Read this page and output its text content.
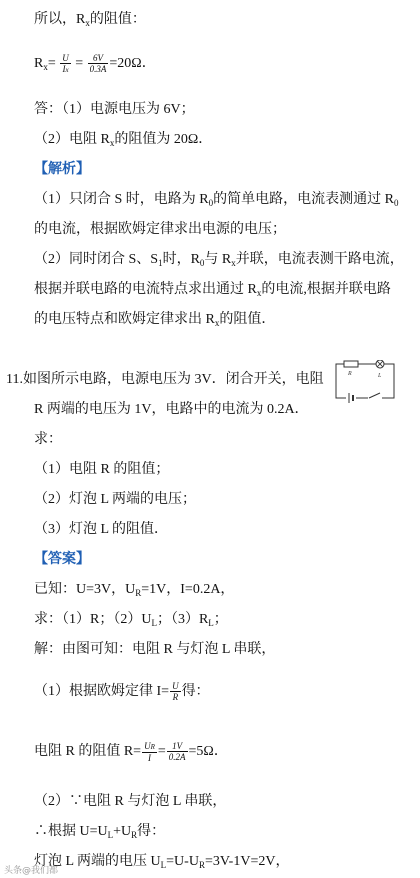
所以，$R_x$的阻值：
$R_x= \frac{U}{Ix} = \frac{6V}{0.3A} =20\Omega$．
答：（1）电源电压为 6V；
（2）电阻 $R_x$的阻值为 20Ω．
【解析】
（1）只闭合 S 时，电路为 $R_0$的简单电路，电流表测通过 $R_0$
的电流，根据欧姆定律求出电源的电压；
（2）同时闭合 S、$S_1$时，$R_0$与 $R_x$并联，电流表测干路电流，
根据并联电路的电流特点求出通过 $R_x$的电流,根据并联电路
的电压特点和欧姆定律求出 $R_x$的阻值．
11.如图所示电路，电源电压为 3V．闭合开关，电阻
R 两端的电压为 1V，电路中的电流为 0.2A．
R	L
求：
（1）电阻 R 的阻值；
（2）灯泡 L 两端的电压；
（3）灯泡 L 的阻值．
【答案】
已知：U=3V，$U_R=1V$，I=0.2A，
求：（1）R；$(2)U_L$；$(3)R_L$；
解：由图可知：电阻 R 与灯泡 L 串联，
（1）根据欧姆定律 $I= \frac{U}{R}$ 得：
电阻 R 的阻值 $R= \frac{UR}{I} = \frac{1V}{0.2A} =5\Omega$．
（2）∵电阻 R 与灯泡 L 串联，
∴根据 $U=U_L+U_R$得：
灯泡 L 两端的电压 $U_L=U-U_R=3V-1V=2V$，
头条@我们都
